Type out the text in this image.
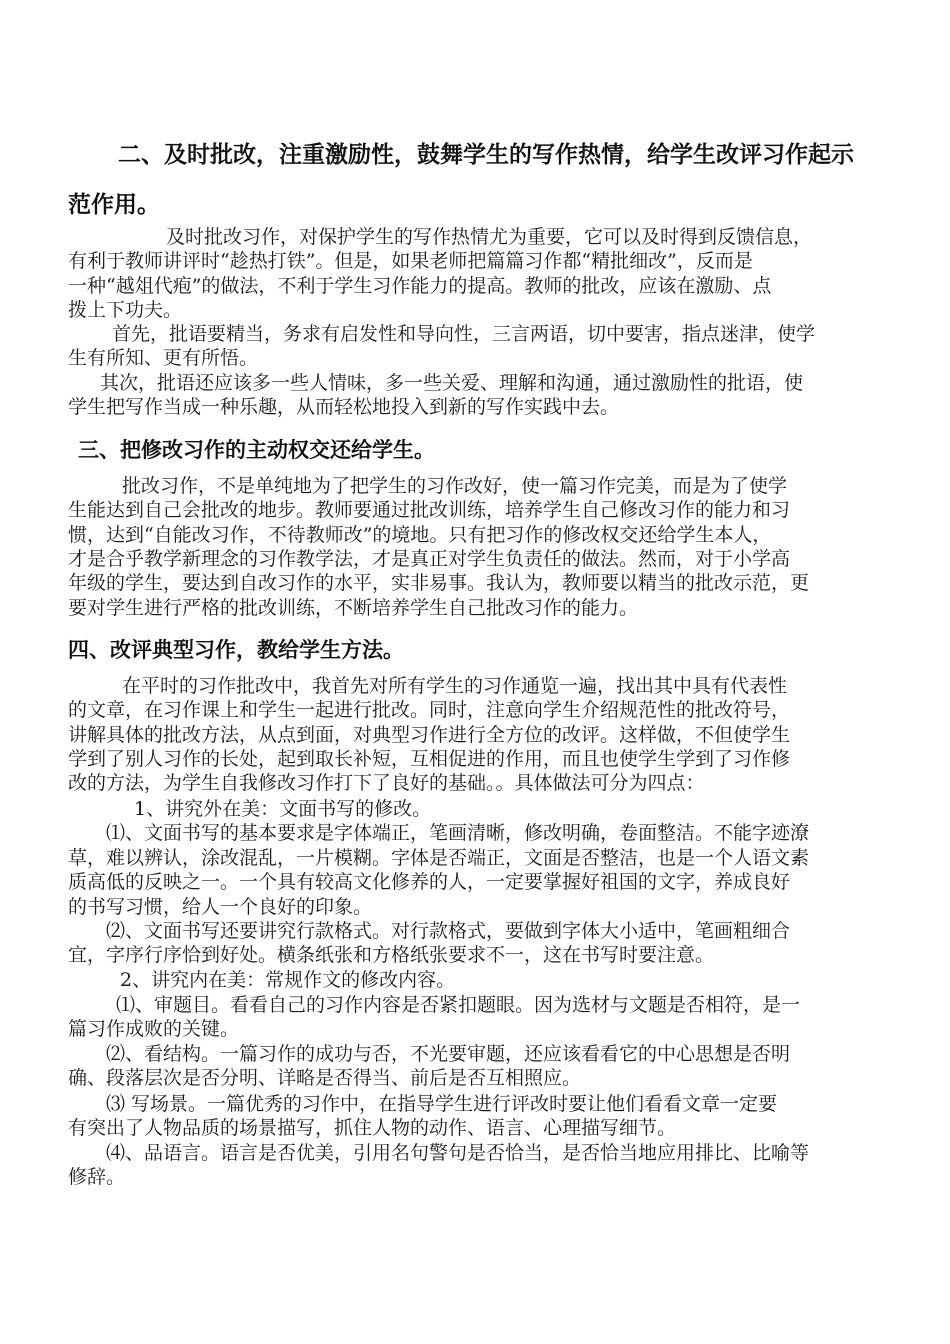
二、及时批改，注重激励性，鼓舞学生的写作热情，给学生改评习作起示
范作用。
及时批改习作，对保护学生的写作热情尤为重要，它可以及时得到反馈信息，
有利于教师讲评时“趁热打铁”。但是，如果老师把篇篇习作都“精批细改”，反而是
一种“越俎代疱”的做法，不利于学生习作能力的提高。教师的批改，应该在激励、点
拨上下功夫。
首先，批语要精当，务求有启发性和导向性，三言两语，切中要害，指点迷津，使学
生有所知、更有所悟。
其次，批语还应该多一些人情味，多一些关爱、理解和沟通，通过激励性的批语，使
学生把写作当成一种乐趣，从而轻松地投入到新的写作实践中去。
三、把修改习作的主动权交还给学生。
批改习作，不是单纯地为了把学生的习作改好，使一篇习作完美，而是为了使学
生能达到自己会批改的地步。教师要通过批改训练，培养学生自己修改习作的能力和习
惯，达到“自能改习作，不待教师改”的境地。只有把习作的修改权交还给学生本人，
才是合乎教学新理念的习作教学法，才是真正对学生负责任的做法。然而，对于小学高
年级的学生，要达到自改习作的水平，实非易事。我认为，教师要以精当的批改示范，更
要对学生进行严格的批改训练，不断培养学生自己批改习作的能力。
四、改评典型习作，教给学生方法。
在平时的习作批改中，我首先对所有学生的习作通览一遍，找出其中具有代表性
的文章，在习作课上和学生一起进行批改。同时，注意向学生介绍规范性的批改符号，
讲解具体的批改方法，从点到面，对典型习作进行全方位的改评。这样做，不但使学生
学到了别人习作的长处，起到取长补短，互相促进的作用，而且也使学生学到了习作修
改的方法，为学生自我修改习作打下了良好的基础。。具体做法可分为四点：
1、讲究外在美：文面书写的修改。
⑴、文面书写的基本要求是字体端正，笔画清晰，修改明确，卷面整洁。不能字迹潦
草，难以辨认，涂改混乱，一片模糊。字体是否端正，文面是否整洁，也是一个人语文素
质高低的反映之一。一个具有较高文化修养的人，一定要掌握好祖国的文字，养成良好
的书写习惯，给人一个良好的印象。
⑵、文面书写还要讲究行款格式。对行款格式，要做到字体大小适中，笔画粗细合
宜，字序行序恰到好处。横条纸张和方格纸张要求不一，这在书写时要注意。
2、讲究内在美：常规作文的修改内容。
⑴、审题目。看看自己的习作内容是否紧扣题眼。因为选材与文题是否相符，是一
篇习作成败的关键。
⑵、看结构。一篇习作的成功与否，不光要审题，还应该看看它的中心思想是否明
确、段落层次是否分明、详略是否得当、前后是否互相照应。
⑶ 写场景。一篇优秀的习作中，在指导学生进行评改时要让他们看看文章一定要
有突出了人物品质的场景描写，抓住人物的动作、语言、心理描写细节。
⑷、品语言。语言是否优美，引用名句警句是否恰当，是否恰当地应用排比、比喻等
修辞。
